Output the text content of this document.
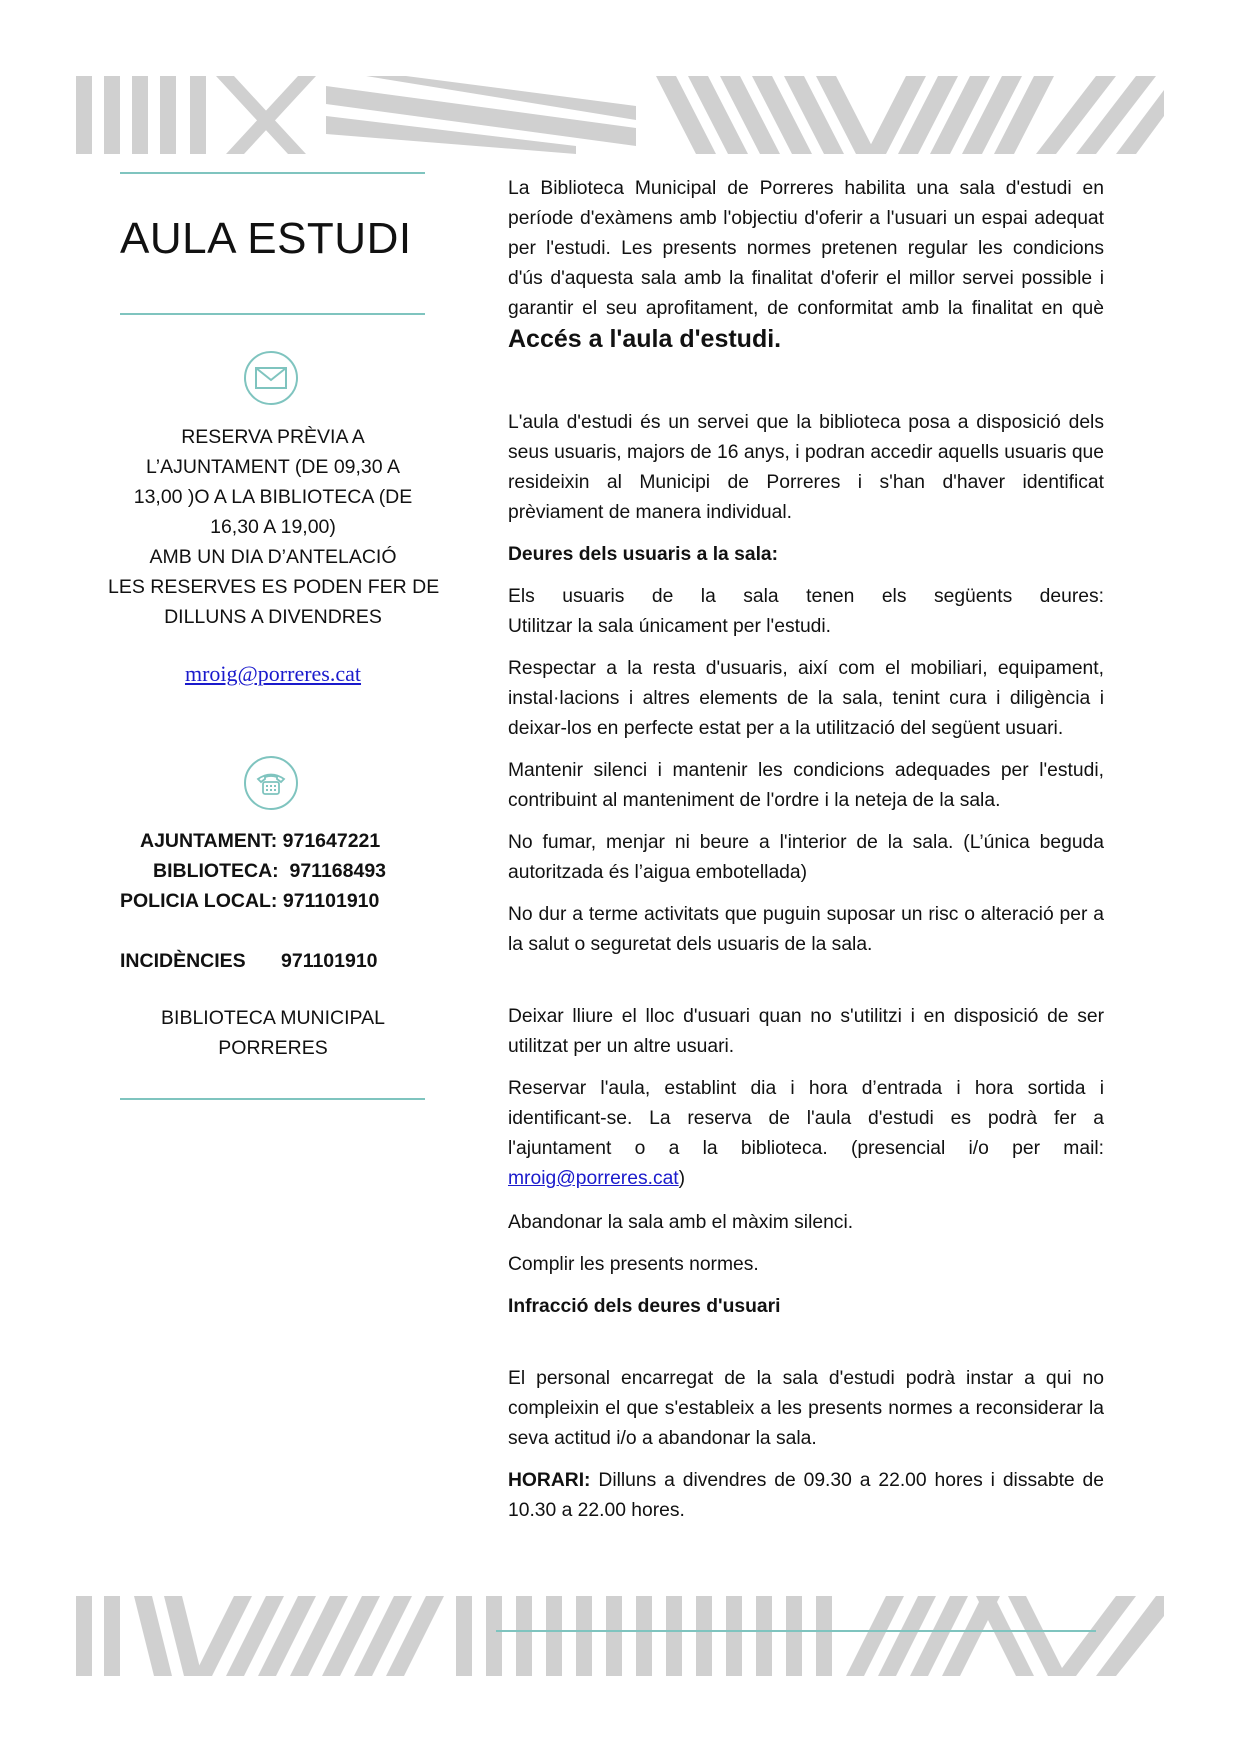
AULA ESTUDI
RESERVA PRÈVIA A
L’AJUNTAMENT (DE 09,30 A
13,00 )O A LA BIBLIOTECA (DE
16,30 A 19,00)
AMB UN DIA D’ANTELACIÓ
LES RESERVES ES PODEN FER DE
DILLUNS A DIVENDRES
mroig@porreres.cat
AJUNTAMENT: 971647221
BIBLIOTECA:  971168493
POLICIA LOCAL: 971101910
INCIDÈNCIES 971101910
BIBLIOTECA MUNICIPAL
PORRERES

La Biblioteca Municipal de Porreres habilita una sala d'estudi en període d'exàmens amb l'objectiu d'oferir a l'usuari un espai adequat per l'estudi. Les presents normes pretenen regular les condicions d'ús d'aquesta sala amb la finalitat d'oferir el millor servei possible i garantir el seu aprofitament, de conformitat amb la finalitat en què Accés a l'aula d'estudi.

L'aula d'estudi és un servei que la biblioteca posa a disposició dels seus usuaris, majors de 16 anys, i podran accedir aquells usuaris que resideixin al Municipi de Porreres i s'han d'haver identificat prèviament de manera individual.

Deures dels usuaris a la sala:

Els usuaris de la sala tenen els següents deures:
Utilitzar la sala únicament per l'estudi.

Respectar a la resta d'usuaris, així com el mobiliari, equipament, instal·lacions i altres elements de la sala, tenint cura i diligència i deixar-los en perfecte estat per a la utilització del següent usuari.

Mantenir silenci i mantenir les condicions adequades per l'estudi, contribuint al manteniment de l'ordre i la neteja de la sala.

No fumar, menjar ni beure a l'interior de la sala. (L’única beguda autoritzada és l’aigua embotellada)

No dur a terme activitats que puguin suposar un risc o alteració per a la salut o seguretat dels usuaris de la sala.

Deixar lliure el lloc d'usuari quan no s'utilitzi i en disposició de ser utilitzat per un altre usuari.

Reservar l'aula, establint dia i hora d’entrada i hora sortida i identificant-se. La reserva de l'aula d'estudi es podrà fer a l'ajuntament o a la biblioteca. (presencial i/o per mail: mroig@porreres.cat)

Abandonar la sala amb el màxim silenci.

Complir les presents normes.

Infracció dels deures d'usuari

El personal encarregat de la sala d'estudi podrà instar a qui no compleixin el que s'estableix a les presents normes a reconsiderar la seva actitud i/o a abandonar la sala.

HORARI: Dilluns a divendres de 09.30 a 22.00 hores i dissabte de 10.30 a 22.00 hores.
